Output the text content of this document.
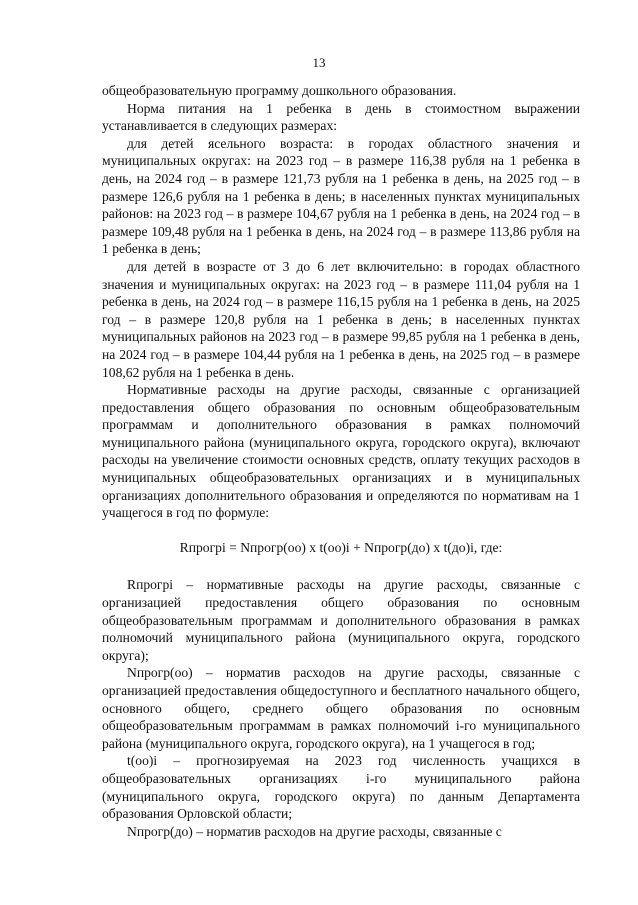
13

общеобразовательную программу дошкольного образования.

Норма питания на 1 ребенка в день в стоимостном выражении устанавливается в следующих размерах:

для детей ясельного возраста: в городах областного значения и муниципальных округах: на 2023 год – в размере 116,38 рубля на 1 ребенка в день, на 2024 год – в размере 121,73 рубля на 1 ребенка в день, на 2025 год – в размере 126,6 рубля на 1 ребенка в день; в населенных пунктах муниципальных районов: на 2023 год – в размере 104,67 рубля на 1 ребенка в день, на 2024 год – в размере 109,48 рубля на 1 ребенка в день, на 2024 год – в размере 113,86 рубля на 1 ребенка в день;

для детей в возрасте от 3 до 6 лет включительно: в городах областного значения и муниципальных округах: на 2023 год – в размере 111,04 рубля на 1 ребенка в день, на 2024 год – в размере 116,15 рубля на 1 ребенка в день, на 2025 год – в размере 120,8 рубля на 1 ребенка в день; в населенных пунктах муниципальных районов на 2023 год – в размере 99,85 рубля на 1 ребенка в день, на 2024 год – в размере 104,44 рубля на 1 ребенка в день, на 2025 год – в размере 108,62 рубля на 1 ребенка в день.

Нормативные расходы на другие расходы, связанные с организацией предоставления общего образования по основным общеобразовательным программам и дополнительного образования в рамках полномочий муниципального района (муниципального округа, городского округа), включают расходы на увеличение стоимости основных средств, оплату текущих расходов в муниципальных общеобразовательных организациях и в муниципальных организациях дополнительного образования и определяются по нормативам на 1 учащегося в год по формуле:

Rпрогрi = Nпрогр(оо) х t(оо)i + Nпрогр(до) х t(до)i, где:

Rпрогрi – нормативные расходы на другие расходы, связанные с организацией предоставления общего образования по основным общеобразовательным программам и дополнительного образования в рамках полномочий муниципального района (муниципального округа, городского округа);

Nпрогр(оо) – норматив расходов на другие расходы, связанные с организацией предоставления общедоступного и бесплатного начального общего, основного общего, среднего общего образования по основным общеобразовательным программам в рамках полномочий i-го муниципального района (муниципального округа, городского округа), на 1 учащегося в год;

t(оо)i – прогнозируемая на 2023 год численность учащихся в общеобразовательных организациях i-го муниципального района (муниципального округа, городского округа) по данным Департамента образования Орловской области;

Nпрогр(до) – норматив расходов на другие расходы, связанные с
